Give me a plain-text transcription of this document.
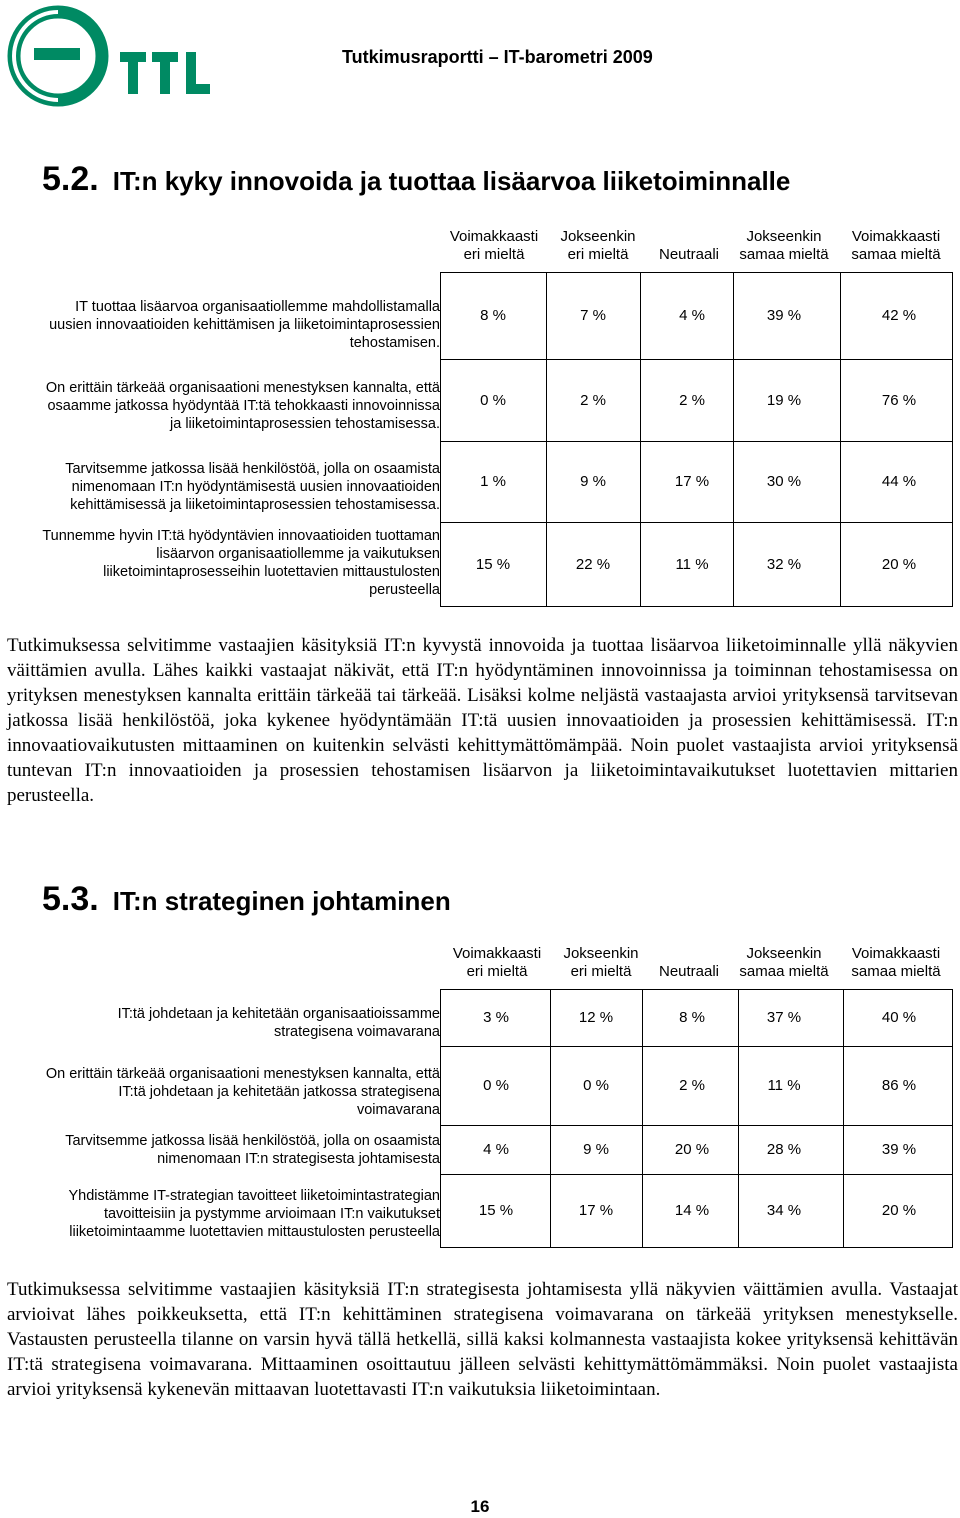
Tutkimusraportti – IT-barometri 2009
5.2. IT:n kyky innovoida ja tuottaa lisäarvoa liiketoiminnalle
Voimakkaasti
eri mieltä
Jokseenkin
eri mieltä
	Neutraali
Jokseenkin
samaa mieltä
Voimakkaasti
samaa mieltä
IT tuottaa lisäarvoa organisaatiollemme mahdollistamalla
uusien innovaatioiden kehittämisen ja liiketoimintaprosessien
tehostamisen.
8 %	7 %	4 %	39 %	42 %
On erittäin tärkeää organisaationi menestyksen kannalta, että
osaamme jatkossa hyödyntää IT:tä tehokkaasti innovoinnissa
ja liiketoimintaprosessien tehostamisessa.
0 %	2 %	2 %	19 %	76 %
Tarvitsemme jatkossa lisää henkilöstöä, jolla on osaamista
nimenomaan IT:n hyödyntämisestä uusien innovaatioiden
kehittämisessä ja liiketoimintaprosessien tehostamisessa.
1 %	9 %	17 %	30 %	44 %
Tunnemme hyvin IT:tä hyödyntävien innovaatioiden tuottaman
lisäarvon organisaatiollemme ja vaikutuksen
liiketoimintaprosesseihin luotettavien mittaustulosten
perusteella
15 %	22 %	11 %	32 %	20 %
Tutkimuksessa selvitimme vastaajien käsityksiä IT:n kyvystä innovoida ja tuottaa lisäarvoa liiketoiminnalle yllä näkyvien väittämien avulla. Lähes kaikki vastaajat näkivät, että IT:n hyödyntäminen innovoinnissa ja toiminnan tehostamisessa on yrityksen menestyksen kannalta erittäin tärkeää tai tärkeää. Lisäksi kolme neljästä vastaajasta arvioi yrityksensä tarvitsevan jatkossa lisää henkilöstöä, joka kykenee hyödyntämään IT:tä uusien innovaatioiden ja prosessien kehittämisessä. IT:n innovaatiovaikutusten mittaaminen on kuitenkin selvästi kehittymättömämpää. Noin puolet vastaajista arvioi yrityksensä tuntevan IT:n innovaatioiden ja prosessien tehostamisen lisäarvon ja liiketoimintavaikutukset luotettavien mittarien perusteella.
5.3. IT:n strateginen johtaminen
Voimakkaasti
eri mieltä
Jokseenkin
eri mieltä
	Neutraali
Jokseenkin
samaa mieltä
Voimakkaasti
samaa mieltä
IT:tä johdetaan ja kehitetään organisaatioissamme
strategisena voimavarana
3 %	12 %	8 %	37 %	40 %
On erittäin tärkeää organisaationi menestyksen kannalta, että
IT:tä johdetaan ja kehitetään jatkossa strategisena
voimavarana
0 %	0 %	2 %	11 %	86 %
Tarvitsemme jatkossa lisää henkilöstöä, jolla on osaamista
nimenomaan IT:n strategisesta johtamisesta
4 %	9 %	20 %	28 %	39 %
Yhdistämme IT-strategian tavoitteet liiketoimintastrategian
tavoitteisiin ja pystymme arvioimaan IT:n vaikutukset
liiketoimintaamme luotettavien mittaustulosten perusteella
15 %	17 %	14 %	34 %	20 %
Tutkimuksessa selvitimme vastaajien käsityksiä IT:n strategisesta johtamisesta yllä näkyvien väittämien avulla. Vastaajat arvioivat lähes poikkeuksetta, että IT:n kehittäminen strategisena voimavarana on tärkeää yrityksen menestykselle. Vastausten perusteella tilanne on varsin hyvä tällä hetkellä, sillä kaksi kolmannesta vastaajista kokee yrityksensä kehittävän IT:tä strategisena voimavarana. Mittaaminen osoittautuu jälleen selvästi kehittymättömämmäksi. Noin puolet vastaajista arvioi yrityksensä kykenevän mittaavan luotettavasti IT:n vaikutuksia liiketoimintaan.
16
